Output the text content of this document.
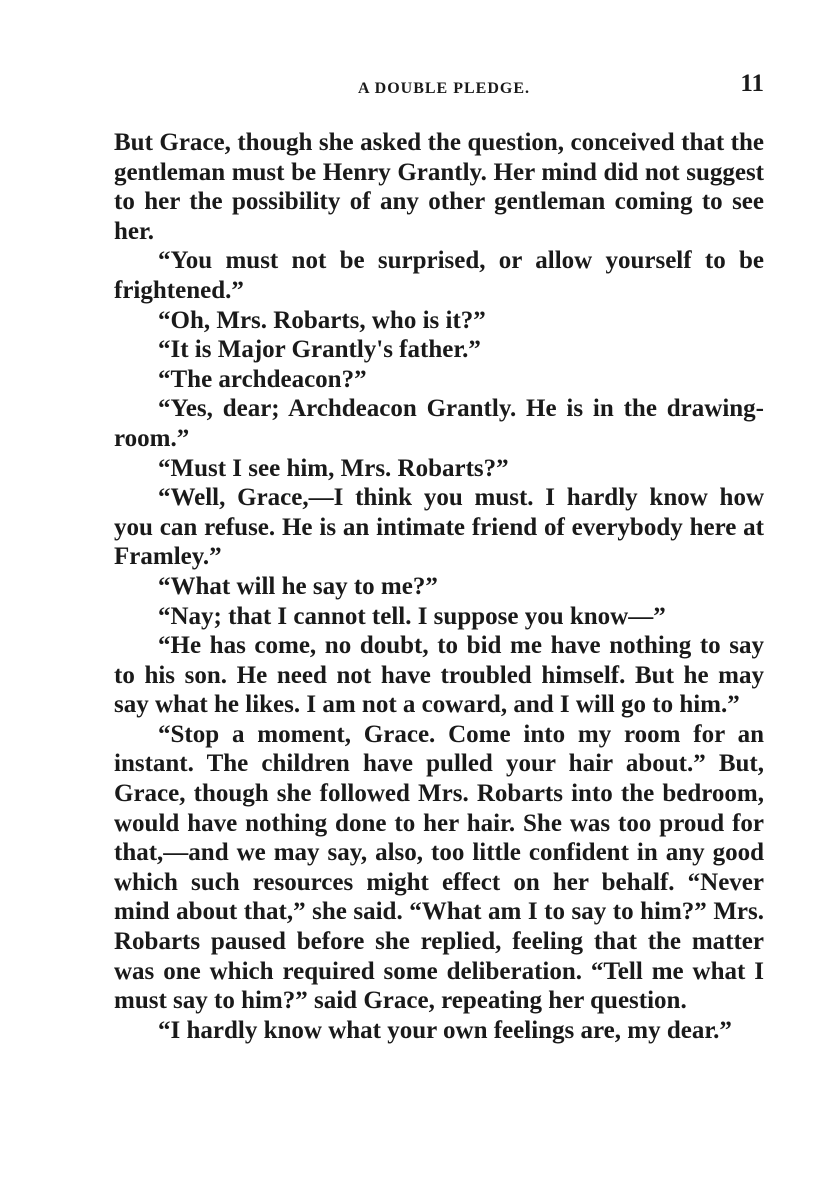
A DOUBLE PLEDGE.	11

But Grace, though she asked the question, conceived that the gentleman must be Henry Grantly. Her mind did not suggest to her the possibility of any other gentleman coming to see her.

“You must not be surprised, or allow yourself to be frightened.”

“Oh, Mrs. Robarts, who is it?”

“It is Major Grantly's father.”

“The archdeacon?”

“Yes, dear; Archdeacon Grantly. He is in the drawing-room.”

“Must I see him, Mrs. Robarts?”

“Well, Grace,—I think you must. I hardly know how you can refuse. He is an intimate friend of everybody here at Framley.”

“What will he say to me?”

“Nay; that I cannot tell. I suppose you know—”

“He has come, no doubt, to bid me have nothing to say to his son. He need not have troubled himself. But he may say what he likes. I am not a coward, and I will go to him.”

“Stop a moment, Grace. Come into my room for an instant. The children have pulled your hair about.” But, Grace, though she followed Mrs. Robarts into the bedroom, would have nothing done to her hair. She was too proud for that,—and we may say, also, too little confident in any good which such resources might effect on her behalf. “Never mind about that,” she said. “What am I to say to him?” Mrs. Robarts paused before she replied, feeling that the matter was one which required some deliberation. “Tell me what I must say to him?” said Grace, repeating her question.

“I hardly know what your own feelings are, my dear.”
